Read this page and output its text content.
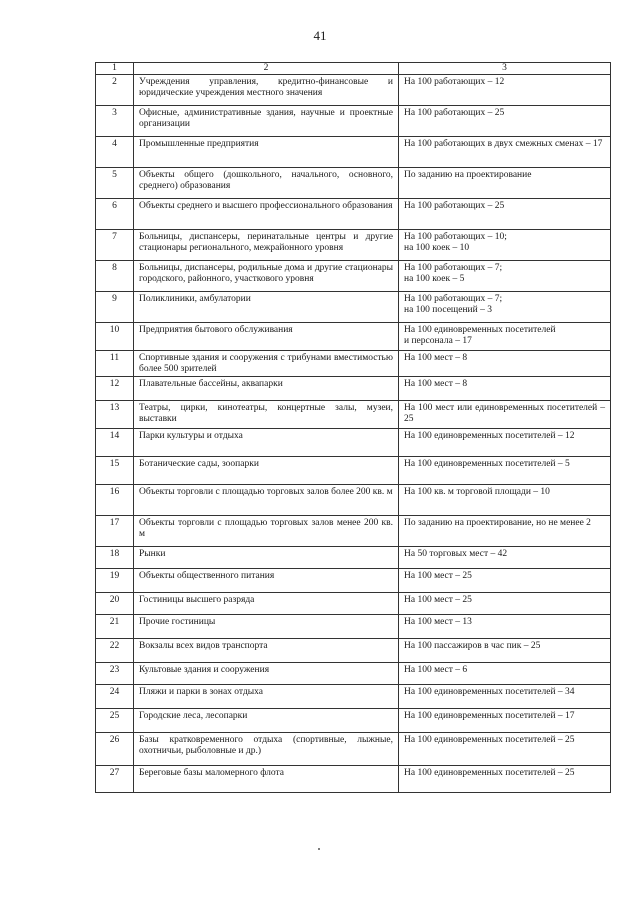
41
1	2	3
2	Учреждения управления, кредитно-финансовые и юридические учреждения местного значения	На 100 работающих – 12

3	Офисные, административные здания, научные и проектные организации	На 100 работающих – 25

4	Промышленные предприятия	На 100 работающих в двух смежных сменах – 17

5	Объекты общего (дошкольного, начального, основного, среднего) образования	По заданию на проектирование

6	Объекты среднего и высшего профессионального образования	На 100 работающих – 25

7	Больницы, диспансеры, перинатальные центры и другие стационары регионального, межрайонного уровня	На 100 работающих – 10;
на 100 коек – 10

8	Больницы, диспансеры, родильные дома и другие стационары городского, районного, участкового уровня	На 100 работающих – 7;
на 100 коек – 5

9	Поликлиники, амбулатории	На 100 работающих – 7;
на 100 посещений – 3

10	Предприятия бытового обслуживания	На 100 единовременных посетителей
и персонала – 17

11	Спортивные здания и сооружения с трибунами вместимостью более 500 зрителей	На 100 мест – 8

12	Плавательные бассейны, аквапарки	На 100 мест – 8

13	Театры, цирки, кинотеатры, концертные залы, музеи, выставки	На 100 мест или единовременных посетителей – 25

14	Парки культуры и отдыха	На 100 единовременных посетителей – 12

15	Ботанические сады, зоопарки	На 100 единовременных посетителей – 5

16	Объекты торговли с площадью торговых залов более 200 кв. м	На 100 кв. м торговой площади – 10

17	Объекты торговли с площадью торговых залов менее 200 кв. м	По заданию на проектирование, но не менее 2

18	Рынки	На 50 торговых мест – 42

19	Объекты общественного питания	На 100 мест – 25

20	Гостиницы высшего разряда	На 100 мест – 25

21	Прочие гостиницы	На 100 мест – 13

22	Вокзалы всех видов транспорта	На 100 пассажиров в час пик – 25

23	Культовые здания и сооружения	На 100 мест – 6

24	Пляжи и парки в зонах отдыха	На 100 единовременных посетителей – 34

25	Городские леса, лесопарки	На 100 единовременных посетителей – 17

26	Базы кратковременного отдыха (спортивные, лыжные, охотничьи, рыболовные и др.)	На 100 единовременных посетителей – 25

27	Береговые базы маломерного флота	На 100 единовременных посетителей – 25
